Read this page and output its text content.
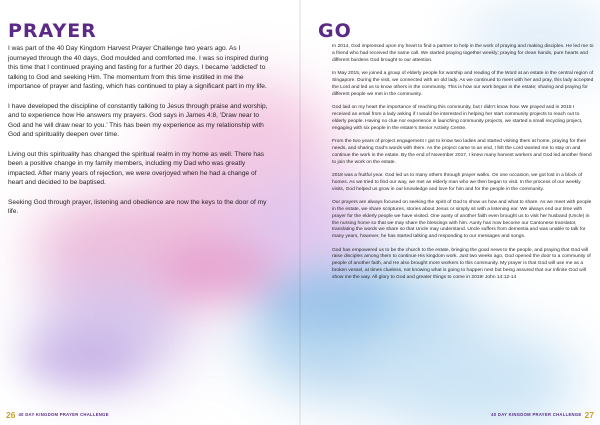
PRAYER

I was part of the 40 Day Kingdom Harvest Prayer Challenge two years ago. As I journeyed through the 40 days, God moulded and comforted me. I was so inspired during this time that I continued praying and fasting for a further 20 days. I became ‘addicted’ to talking to God and seeking Him. The momentum from this time instilled in me the importance of prayer and fasting, which has continued to play a significant part in my life.

I have developed the discipline of constantly talking to Jesus through praise and worship, and to experience how He answers my prayers. God says in James 4:8, ‘Draw near to God and he will draw near to you.’ This has been my experience as my relationship with God and spirituality deepen over time.

Living out this spirituality has changed the spiritual realm in my home as well. There has been a positive change in my family members, including my Dad who was greatly impacted. After many years of rejection, we were overjoyed when he had a change of heart and decided to be baptised.

Seeking God through prayer, listening and obedience are now the keys to the door of my life.

26 40 DAY KINGDOM PRAYER CHALLENGE
GO

In 2014, God impressed upon my heart to find a partner to help in the work of praying and making disciples. He led me to a friend who had received the same call. We started praying together weekly; praying for clean hands, pure hearts and different burdens God brought to our attention.

In May 2015, we joined a group of elderly people for worship and reading of the Word at an estate in the central region of Singapore. During the visit, we connected with an old lady. As we continued to meet with her and pray, this lady accepted the Lord and led us to know others in the community. This is how our work began in the estate; sharing and praying for different people we met in the community.

God laid on my heart the importance of reaching this community, but I didn’t know how. We prayed and in 2015 I received an email from a lady asking if I would be interested in helping her start community projects to reach out to elderly people. Having no clue nor experience in launching community projects, we started a small recycling project, engaging with six people in the estate’s Senior Activity Centre.

From the two years of project engagement I got to know two ladies and started visiting them at home, praying for their needs, and sharing God’s words with them. As the project came to an end, I felt the Lord wanted me to stay on and continue the work in the estate. By the end of November 2017, I knew many harvest workers and God led another friend to join the work on the estate.

2018 was a fruitful year. God led us to many others through prayer walks. On one occasion, we got lost in a block of homes. As we tried to find our way, we met an elderly man who we then began to visit. In the process of our weekly visits, God helped us grow in our knowledge and love for him and for the people in the community.

Our prayers are always focused on seeking the spirit of God to show us how and what to share. As we meet with people in the estate, we share scriptures, stories about Jesus or simply sit with a listening ear. We always end our time with prayer for the elderly people we have visited. One aunty of another faith even brought us to visit her husband (Uncle) in the nursing home so that we may share the blessings with him. Aunty has now become our Cantonese translator, translating the words we share so that Uncle may understand. Uncle suffers from dementia and was unable to talk for many years, however, he has started talking and responding to our messages and songs.

God has empowered us to be the church to the estate, bringing the good news to the people, and praying that God will raise disciples among them to continue His kingdom work. Just two weeks ago, God opened the door to a community of people of another faith, and He also brought more workers to this community. My prayer is that God will use me as a broken vessel, at times clueless, not knowing what is going to happen next but being assured that our infinite God will show me the way. All glory to God and greater things to come in 2019! John 14:12-14

40 DAY KINGDOM PRAYER CHALLENGE 27
